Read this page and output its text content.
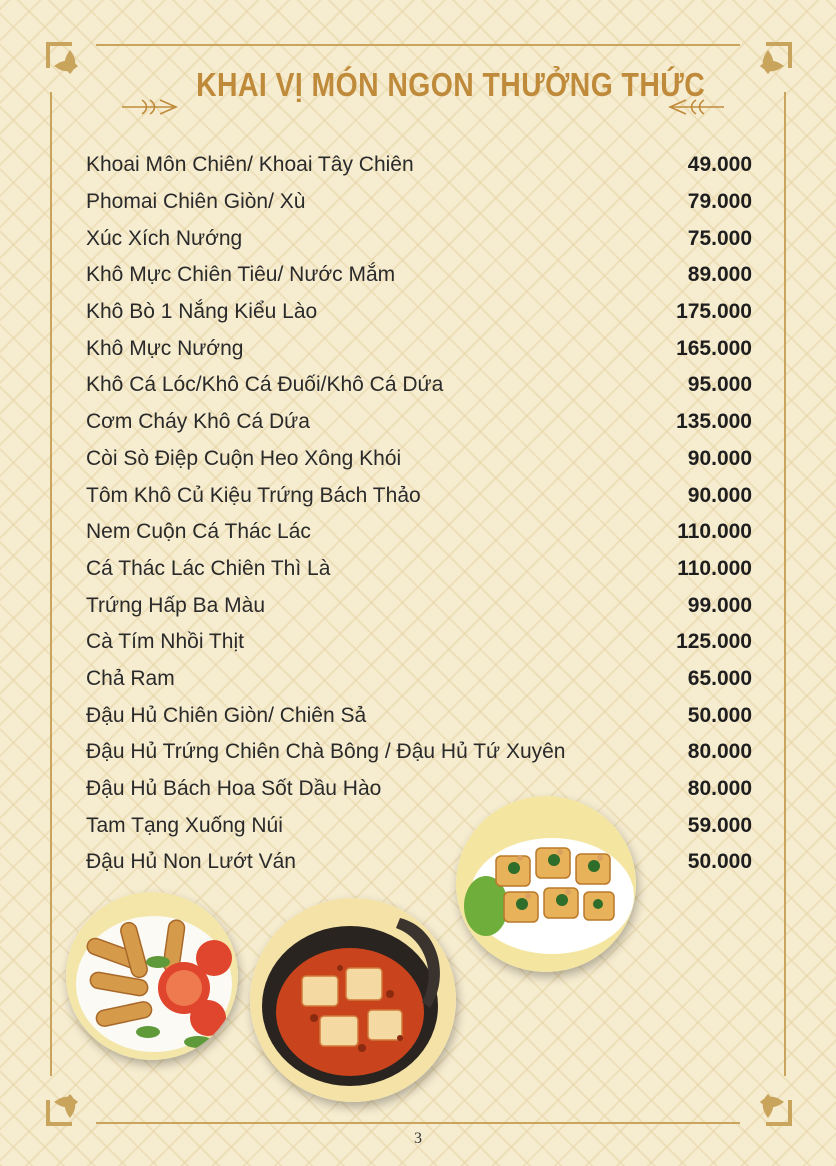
KHAI VỊ MÓN NGON THƯỞNG THỨC
Khoai Môn Chiên/ Khoai Tây Chiên	49.000
Phomai Chiên Giòn/ Xù	79.000
Xúc Xích Nướng	75.000
Khô Mực Chiên Tiêu/ Nước Mắm	89.000
Khô Bò 1 Nắng Kiểu Lào	175.000
Khô Mực Nướng	165.000
Khô Cá Lóc/Khô Cá Đuối/Khô Cá Dứa	95.000
Cơm Cháy Khô Cá Dứa	135.000
Còi Sò Điệp Cuộn Heo Xông Khói	90.000
Tôm Khô Củ Kiệu Trứng Bách Thảo	90.000
Nem Cuộn Cá Thác Lác	110.000
Cá Thác Lác Chiên Thì Là	110.000
Trứng Hấp Ba Màu	99.000
Cà Tím Nhồi Thịt	125.000
Chả Ram	65.000
Đậu Hủ Chiên Giòn/ Chiên Sả	50.000
Đậu Hủ Trứng Chiên Chà Bông / Đậu Hủ Tứ Xuyên	80.000
Đậu Hủ Bách Hoa Sốt Dầu Hào	80.000
Tam Tạng Xuống Núi	59.000
Đậu Hủ Non Lướt Ván	50.000
3
